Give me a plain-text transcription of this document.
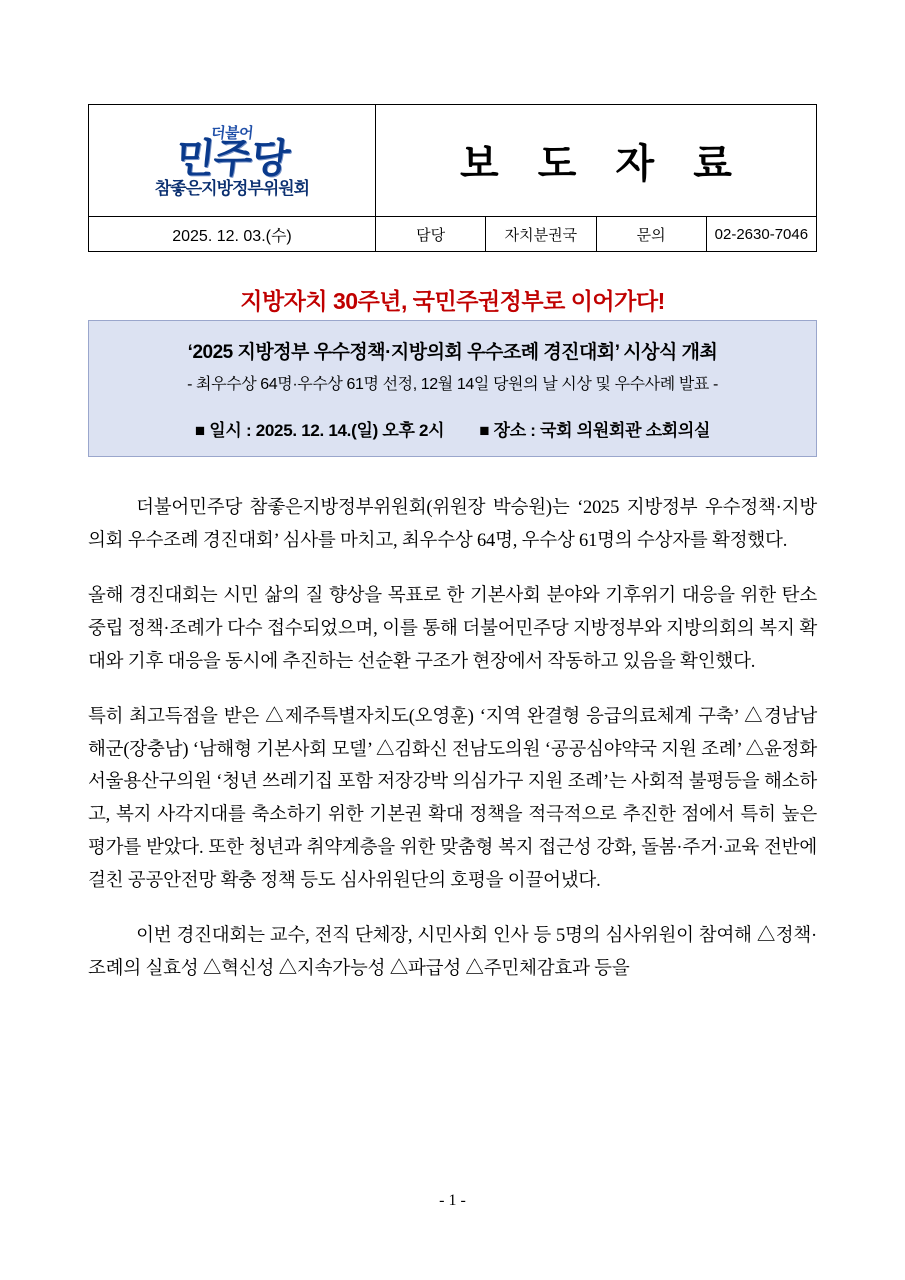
더불어
민주당
참좋은지방정부위원회	보 도 자 료			

2025. 12. 03.(수)	담당	자치분권국	문의	02-2630-7046
지방자치 30주년, 국민주권정부로 이어가다!
‘2025 지방정부 우수정책·지방의회 우수조례 경진대회’ 시상식 개최
- 최우수상 64명·우수상 61명 선정, 12월 14일 당원의 날 시상 및 우수사례 발표 -
■ 일시 : 2025. 12. 14.(일) 오후 2시 ■ 장소 : 국회 의원회관 소회의실

더불어민주당 참좋은지방정부위원회(위원장 박승원)는 ‘2025 지방정부 우수정책·지방의회 우수조례 경진대회’ 심사를 마치고, 최우수상 64명, 우수상 61명의 수상자를 확정했다.

올해 경진대회는 시민 삶의 질 향상을 목표로 한 기본사회 분야와 기후위기 대응을 위한 탄소중립 정책·조례가 다수 접수되었으며, 이를 통해 더불어민주당 지방정부와 지방의회의 복지 확대와 기후 대응을 동시에 추진하는 선순환 구조가 현장에서 작동하고 있음을 확인했다.

특히 최고득점을 받은 △제주특별자치도(오영훈) ‘지역 완결형 응급의료체계 구축’ △경남남해군(장충남) ‘남해형 기본사회 모델’ △김화신 전남도의원 ‘공공심야약국 지원 조례’ △윤정화 서울용산구의원 ‘청년 쓰레기집 포함 저장강박 의심가구 지원 조례’는 사회적 불평등을 해소하고, 복지 사각지대를 축소하기 위한 기본권 확대 정책을 적극적으로 추진한 점에서 특히 높은 평가를 받았다. 또한 청년과 취약계층을 위한 맞춤형 복지 접근성 강화, 돌봄·주거·교육 전반에 걸친 공공안전망 확충 정책 등도 심사위원단의 호평을 이끌어냈다.

이번 경진대회는 교수, 전직 단체장, 시민사회 인사 등 5명의 심사위원이 참여해 △정책·조례의 실효성 △혁신성 △지속가능성 △파급성 △주민체감효과 등을

- 1 -
